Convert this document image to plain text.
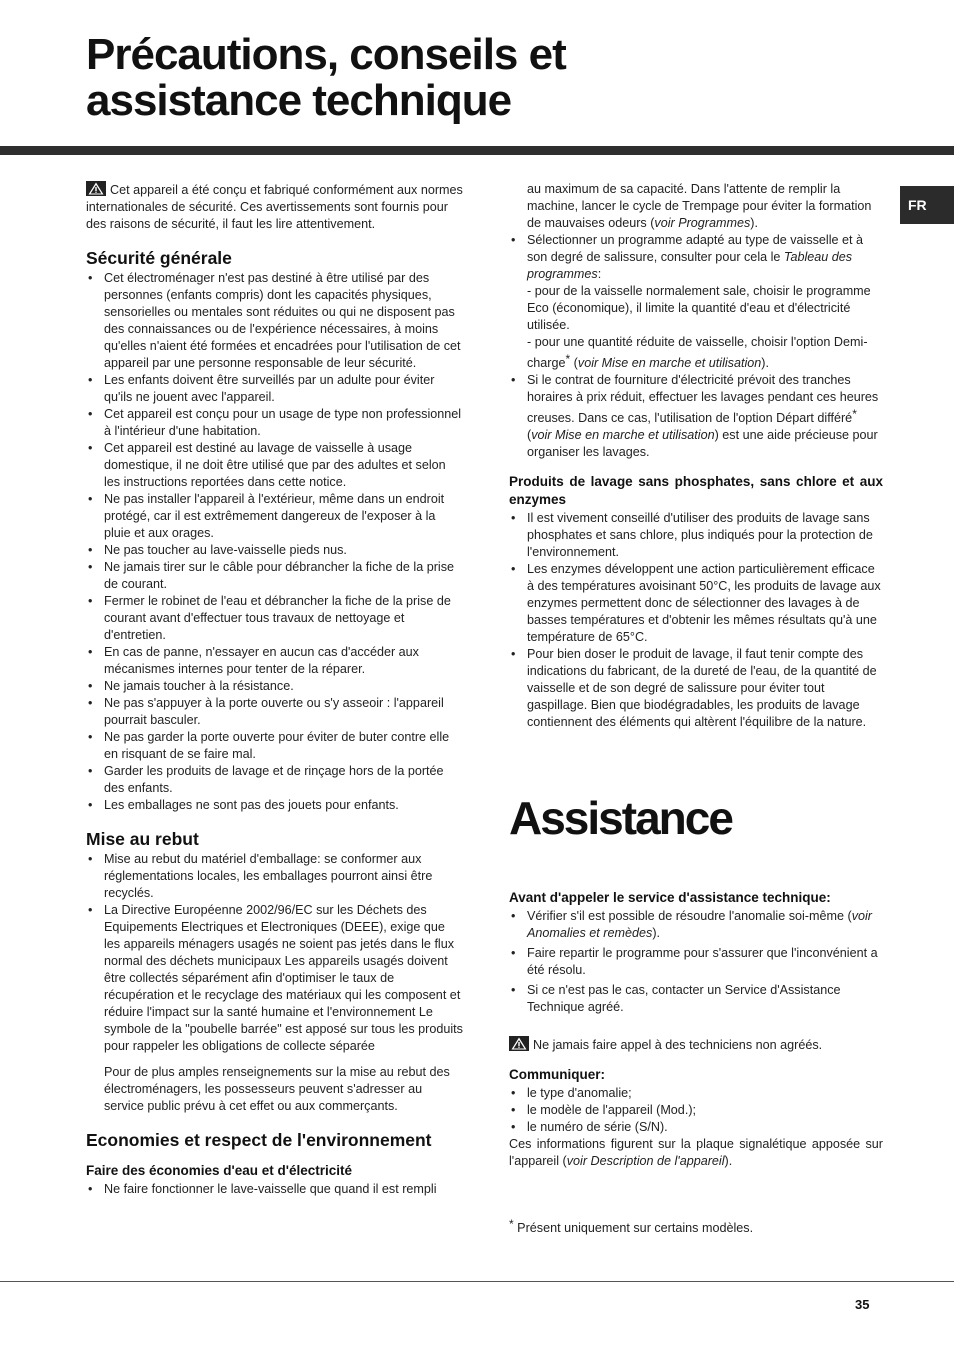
Précautions, conseils et
assistance technique
FR

Cet appareil a été conçu et fabriqué conformément aux normes internationales de sécurité. Ces avertissements sont fournis pour des raisons de sécurité, il faut les lire attentivement.

Sécurité générale
• Cet électroménager n'est pas destiné à être utilisé par des personnes (enfants compris) dont les capacités physiques, sensorielles ou mentales sont réduites ou qui ne disposent pas des connaissances ou de l'expérience nécessaires, à moins qu'elles n'aient été formées et encadrées pour l'utilisation de cet appareil par une personne responsable de leur sécurité.
• Les enfants doivent être surveillés par un adulte pour éviter qu'ils ne jouent avec l'appareil.
• Cet appareil est conçu pour un usage de type non professionnel à l'intérieur d'une habitation.
• Cet appareil est destiné au lavage de vaisselle à usage domestique, il ne doit être utilisé que par des adultes et selon les instructions reportées dans cette notice.
• Ne pas installer l'appareil à l'extérieur, même dans un endroit protégé, car il est extrêmement dangereux de l'exposer à la pluie et aux orages.
• Ne pas toucher au lave-vaisselle pieds nus.
• Ne jamais tirer sur le câble pour débrancher la fiche de la prise de courant.
• Fermer le robinet de l'eau et débrancher la fiche de la prise de courant avant d'effectuer tous travaux de nettoyage et d'entretien.
• En cas de panne, n'essayer en aucun cas d'accéder aux mécanismes internes pour tenter de la réparer.
• Ne jamais toucher à la résistance.
• Ne pas s'appuyer à la porte ouverte ou s'y asseoir : l'appareil pourrait basculer.
• Ne pas garder la porte ouverte pour éviter de buter contre elle en risquant de se faire mal.
• Garder les produits de lavage et de rinçage hors de la portée des enfants.
• Les emballages ne sont pas des jouets pour enfants.
Mise au rebut
• Mise au rebut du matériel d'emballage: se conformer aux réglementations locales, les emballages pourront ainsi être recyclés.
• La Directive Européenne 2002/96/EC sur les Déchets des Equipements Electriques et Electroniques (DEEE), exige que les appareils ménagers usagés ne soient pas jetés dans le flux normal des déchets municipaux Les appareils usagés doivent être collectés séparément afin d'optimiser le taux de récupération et le recyclage des matériaux qui les composent et réduire l'impact sur la santé humaine et l'environnement Le symbole de la "poubelle barrée" est apposé sur tous les produits pour rappeler les obligations de collecte séparée

Pour de plus amples renseignements sur la mise au rebut des électroménagers, les possesseurs peuvent s'adresser au service public prévu à cet effet ou aux commerçants.

Economies et respect de l'environnement
Faire des économies d'eau et d'électricité
• Ne faire fonctionner le lave-vaisselle que quand il est rempli

au maximum de sa capacité. Dans l'attente de remplir la machine, lancer le cycle de Trempage pour éviter la formation de mauvaises odeurs (voir Programmes).

• Sélectionner un programme adapté au type de vaisselle et à son degré de salissure, consulter pour cela le Tableau des programmes:
- pour de la vaisselle normalement sale, choisir le programme Eco (économique), il limite la quantité d'eau et d'électricité utilisée.
- pour une quantité réduite de vaisselle, choisir l'option Demi-charge* (voir Mise en marche et utilisation).
• Si le contrat de fourniture d'électricité prévoit des tranches horaires à prix réduit, effectuer les lavages pendant ces heures creuses. Dans ce cas, l'utilisation de l'option Départ différé* (voir Mise en marche et utilisation) est une aide précieuse pour organiser les lavages.
Produits de lavage sans phosphates, sans chlore et aux enzymes
• Il est vivement conseillé d'utiliser des produits de lavage sans phosphates et sans chlore, plus indiqués pour la protection de l'environnement.
• Les enzymes développent une action particulièrement efficace à des températures avoisinant 50°C, les produits de lavage aux enzymes permettent donc de sélectionner des lavages à de basses températures et d'obtenir les mêmes résultats qu'à une température de 65°C.
• Pour bien doser le produit de lavage, il faut tenir compte des indications du fabricant, de la dureté de l'eau, de la quantité de vaisselle et de son degré de salissure pour éviter tout gaspillage. Bien que biodégradables, les produits de lavage contiennent des éléments qui altèrent l'équilibre de la nature.
Assistance
Avant d'appeler le service d'assistance technique:
• Vérifier s'il est possible de résoudre l'anomalie soi-même (voir Anomalies et remèdes).
• Faire repartir le programme pour s'assurer que l'inconvénient a été résolu.
• Si ce n'est pas le cas, contacter un Service d'Assistance Technique agréé.

Ne jamais faire appel à des techniciens non agréés.

Communiquer:
• le type d'anomalie;
• le modèle de l'appareil (Mod.);
• le numéro de série (S/N).

Ces informations figurent sur la plaque signalétique apposée sur l'appareil (voir Description de l'appareil).

* Présent uniquement sur certains modèles.

35
